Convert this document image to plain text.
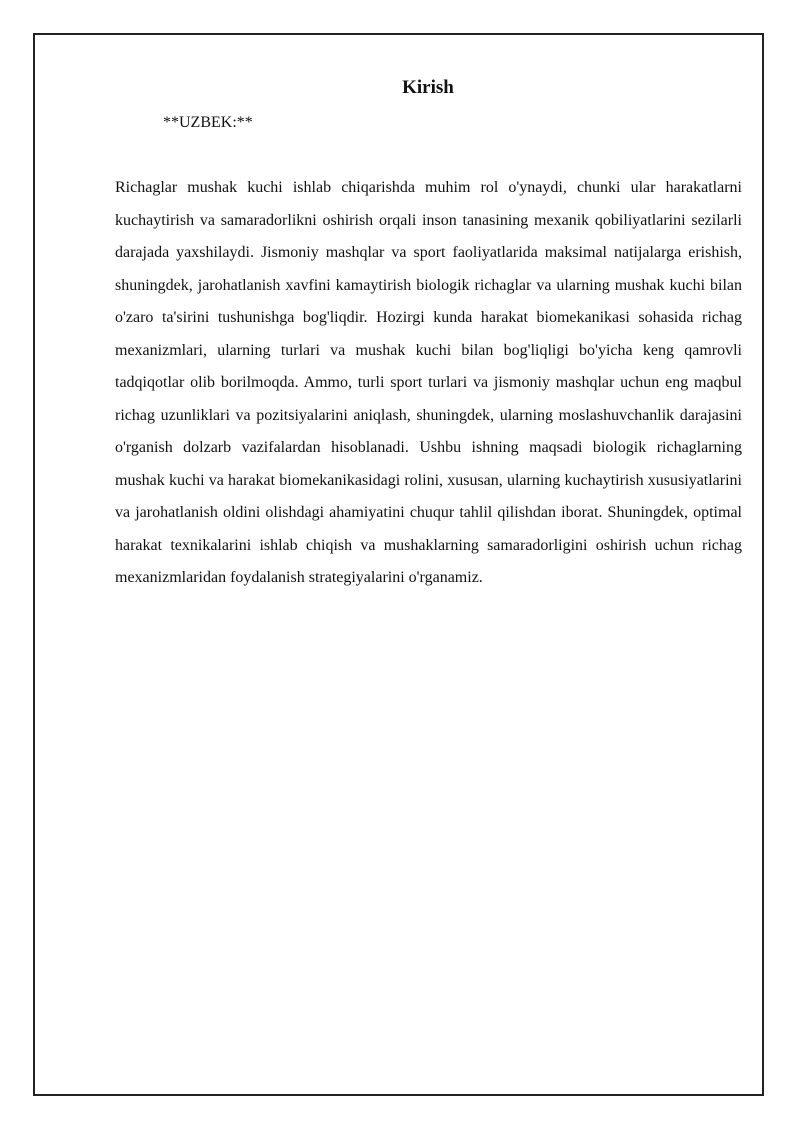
Kirish
**UZBEK:**

Richaglar mushak kuchi ishlab chiqarishda muhim rol o'ynaydi, chunki ular harakatlarni kuchaytirish va samaradorlikni oshirish orqali inson tanasining mexanik qobiliyatlarini sezilarli darajada yaxshilaydi. Jismoniy mashqlar va sport faoliyatlarida maksimal natijalarga erishish, shuningdek, jarohatlanish xavfini kamaytirish biologik richaglar va ularning mushak kuchi bilan o'zaro ta'sirini tushunishga bog'liqdir. Hozirgi kunda harakat biomekanikasi sohasida richag mexanizmlari, ularning turlari va mushak kuchi bilan bog'liqligi bo'yicha keng qamrovli tadqiqotlar olib borilmoqda. Ammo, turli sport turlari va jismoniy mashqlar uchun eng maqbul richag uzunliklari va pozitsiyalarini aniqlash, shuningdek, ularning moslashuvchanlik darajasini o'rganish dolzarb vazifalardan hisoblanadi. Ushbu ishning maqsadi biologik richaglarning mushak kuchi va harakat biomekanikasidagi rolini, xususan, ularning kuchaytirish xususiyatlarini va jarohatlanish oldini olishdagi ahamiyatini chuqur tahlil qilishdan iborat. Shuningdek, optimal harakat texnikalarini ishlab chiqish va mushaklarning samaradorligini oshirish uchun richag mexanizmlaridan foydalanish strategiyalarini o'rganamiz.
